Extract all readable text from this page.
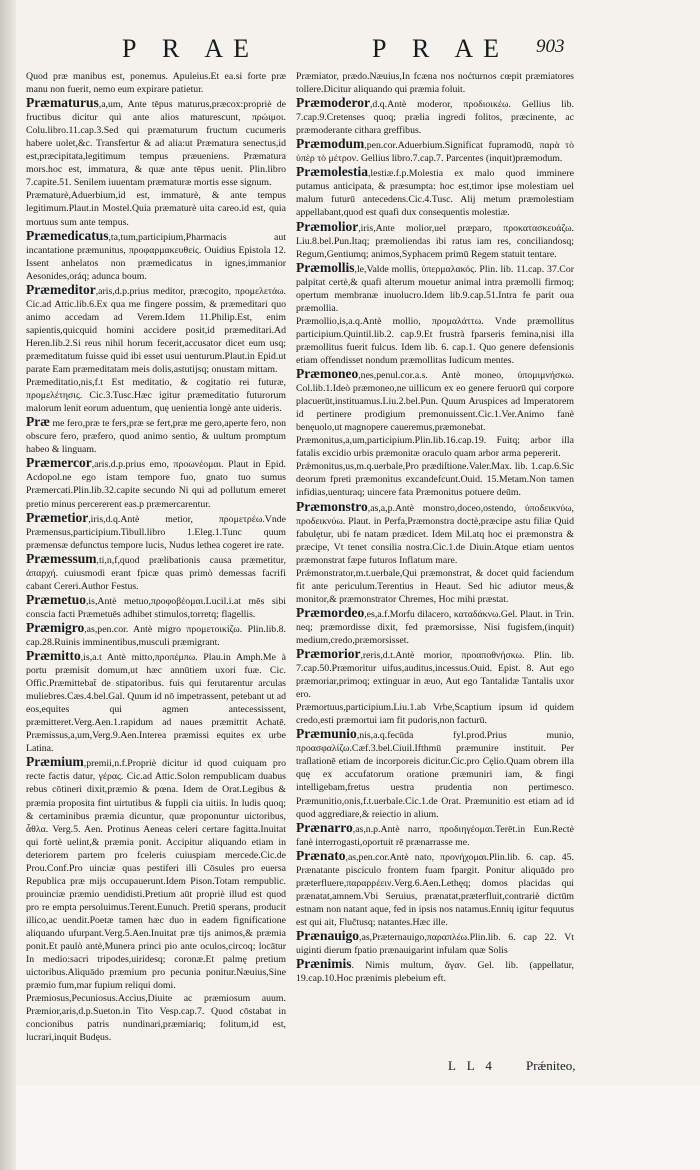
P R AE	P R AE 903

Quod præ manibus est, ponemus. Apuleius.Et ea.si forte præ manu non fuerit, nemo eum expirare patietur.

Præmaturus,a,um, Ante tēpus maturus,præcox:propriè de fructibus dicitur quì ante alios maturescunt, πρώιμοι. Colu.libro.11.cap.3.Sed qui præmaturum fructum cucumeris habere uolet,&c. Transfertur & ad alia:ut Præmatura senectus,id est,præcipitata,legitimum tempus præueniens. Præmatura mors.hoc est, immatura, & quæ ante tēpus uenit. Plin.libro 7.capite.51. Senilem iuuentam præmaturæ mortis esse signum.

Præmaturè,Aduerbium,id est, immaturè, & ante tempus legitimum.Plaut.in Mostel.Quia præmaturè uita careo.id est, quia mortuus sum ante tempus.

Præmedicatus,ta,tum,participium,Pharmacis aut incantatione præmunitus, προφαρμακευθείς. Ouidius Epistola 12. Issent anhelatos non præmedicatus in ignes,immanior Aesonides,oráq; adunca boum.

Præmeditor,aris,d.p.prius meditor, præcogito, προμελετάω. Cic.ad Attic.lib.6.Ex qua me fingere possim, & præmeditari quo animo accedam ad Verem.Idem 11.Philip.Est, enim sapientis,quicquid homini accidere posit,id præmeditari.Ad Heren.lib.2.Si reus nihil horum fecerit,accusator dicet eum usq; præmeditatum fuisse quid ibi esset usui uenturum.Plaut.in Epid.ut parate Eam præmeditatam meis dolis,astutijsq; onustam mittam.

Præmeditatio,nis,f.t Est meditatio, & cogitatio rei futuræ, προμελέτησις. Cic.3.Tusc.Hæc igitur præmeditatio futurorum malorum lenit eorum aduentum, quę uenientia longè ante uideris.

Præ me fero,præ te fers,præ se fert,præ me gero,aperte fero, non obscure fero, præfero, quod animo sentio, & uultum promptum habeo & linguam.

Præmercor,aris.d.p.prius emo, προωνέομαι. Plaut in Epid. Acdopol.ne ego istam tempore fuo, gnato tuo sumus Præmercati.Plin.lib.32.capite secundo Ni qui ad pollutum emeret pretio minus percererent eas.p præmercarentur.

Præmetior,iris,d.q.Antè metior, προμετρέω.Vnde Præmensus,participium.Tibull.libro 1.Eleg.1.Tunc quum præmensæ defunctus tempore lucis, Nudus lethea cogeret ire rate.

Præmessum,ti,n,f,quod prælibationis causa præmetitur, ἀπαρχή. cuiusmodi erant fpicæ quas primò demessas facrifi cabant Cereri.Author Festus.

Præmetuo,is,Antè metuo,προφοβέομαι.Lucil.i.at mēs sibi conscia facti Præmetuēs adhibet stimulos,torretq; flagellis.

Præmigro,as,pen.cor. Antè migro προμετοικίζω. Plin.lib.8. cap.28.Ruinis imminentibus,musculi præmigrant.

Præmitto,is,a.t Antè mitto,προπέμπω. Plau.in Amph.Me à portu præmisit domum,ut hæc annūtiem uxori fuæ. Cic. Offic.Præmittebat̄ de stipatoribus. fuis qui ferutarentur arculas muliebres.Cæs.4.bel.Gal. Quum id nō impetrassent, petebant ut ad eos,equites qui agmen antecessissent, præmitteret.Verg.Aen.1.rapidum ad naues præmittit Achatē. Præmissus,a,um,Verg.9.Aen.Interea præmissi equites ex urbe Latina.

Præmium,premii,n.f.Propriè dicitur id quod cuiquam pro recte factis datur, γέρας. Cic.ad Attic.Solon rempublicam duabus rebus cōtineri dixit,præmio & pœna. Idem de Orat.Legibus & præmia proposita fint uirtutibus & fuppli cia uitiis. In ludis quoq; & certaminibus præmia dicuntur, quæ proponuntur uictoribus, ἆθλα. Verg.5. Aen. Protinus Aeneas celeri certare fagitta.Inuitat qui fortè uelint,& præmia ponit. Accipitur aliquando etiam in deteriorem partem pro fceleris cuiuspiam mercede.Cic.de Prou.Conf.Pro uinciæ quas pestiferi illi Cōsules pro euersa Republica præ mijs occupauerunt.Idem Pison.Totam rempublic. prouinciæ præmio uendidisti.Pretium aūt propriè illud est quod pro re empta persoluimus.Terent.Eunuch. Pretiū sperans, producit illico,ac uendit.Poetæ tamen hæc duo in eadem fignificatione aliquando ufurpant.Verg.5.Aen.Inuitat præ tijs animos,& præmia ponit.Et paulò antè,Munera princi pio ante oculos,circoq; locātur In medio:sacri tripodes,uiridesq; coronæ.Et palmę pretium uictoribus.Aliquādo præmium pro pecunia ponitur.Næuius,Sine præmio fum,mar fupium reliqui domi.

Præmiosus,Pecuniosus.Accius,Diuite ac præmiosum auum. Præmior,aris,d.p.Sueton.in Tito Vesp.cap.7. Quod cōstabat in concionibus patris nundinari,præmiariq; folitum,id est, lucrari,inquit Budęus.

Præmiator, prædo.Næuius,In fcæna nos noćturnos cœpit præmiatores tollere.Dicitur aliquando qui præmia foluit.

Præmoderor,d.q.Antè moderor, προδιοικέω. Gellius lib. 7.cap.9.Cretenses quoq; prælia ingredi folitos, præcinente, ac præmoderante cithara greffibus.

Præmodum,pen.cor.Aduerbium.Significat fupramodū, παρὰ τὸ ὑπὲρ τὸ μέτρον. Gellius libro.7.cap.7. Parcentes (inquit)præmodum.

Præmolestia,lestiæ.f.p.Molestia ex malo quod imminere putamus anticipata, & præsumpta: hoc est,timor ipse molestiam uel malum futurū antecedens.Cic.4.Tusc. Alij metum præmolestiam appellabant,quod est quafi dux consequentis molestiæ.

Præmolior,iris,Ante molior,uel præparo, προκατασκευάζω. Liu.8.bel.Pun.Itaq; præmoliendas ibi ratus iam res, conciliandosq; Regum,Gentiumq; animos,Syphacem primū Regem statuit tentare.

Præmollis,le,Valde mollis, ὑπερμαλακός. Plin. lib. 11.cap. 37.Cor palpitat certè,& quafi alterum mouetur animal intra præmolli firmoq; opertum membranæ inuolucro.Idem lib.9.cap.51.Intra fe parit oua præmollia.

Præmollio,is,a.q.Antè mollio, προμαλάττω. Vnde præmollitus participium.Quintil.lib.2. cap.9.Et frustrà fparseris femina,nisi illa præmollitus fuerit fulcus. Idem lib. 6. cap.1. Quo genere defensionis etiam offendisset nondum præmollitas Iudicum mentes.

Præmoneo,nes,penul.cor.a.s. Antè moneo, ὑπομιμνήσκω. Col.lib.1.Ideò præmoneo,ne uillicum ex eo genere feruorū qui corpore placuerūt,instituamus.Liu.2.bel.Pun. Quum Aruspices ad Imperatorem id pertinere prodigium premonuissent.Cic.1.Ver.Animo fanè benęuolo,ut magnopere caueremus,præmonebat.

Præmonitus,a,um,participium.Plin.lib.16.cap.19. Fuitq; arbor illa fatalis excidio urbis præmonitæ oraculo quam arbor arma pepererit.

Prǽmonitus,us,m.q.uerbale,Pro prædiſtione.Valer.Max. lib. 1.cap.6.Sic deorum fpreti præmonitus excandefcunt.Ouid. 15.Metam.Non tamen infidias,uenturaq; uincere fata Præmonitus potuere deūm.

Præmonstro,as,a,p.Antè monstro,doceo,ostendo, ὑποδεικνύω, προδεικνύω. Plaut. in Perfa,Præmonstra doctè,præcipe astu filiæ Quid fabulętur, ubi fe natam prædicet. Idem Mil.atq hoc ei præmonstra & præcipe, Vt tenet consilia nostra.Cic.1.de Diuin.Atque etiam uentos præmonstrat fæpe futuros Inflatum mare.

Prǽmonstrator,m.t.uerbale,Qui præmonstrat, & docet quid faciendum fit ante periculum.Terentius in Heaut. Sed hic adiutor meus,& monitor,& præmonstrator Chremes, Hoc mihi præstat.

Præmordeo,es,a.f.Morfu dilacero, καταδάκνω.Gel. Plaut. in Trin. neq; præmordisse dixit, fed præmorsisse, Nisi fugisfem,(inquit) medium,credo,præmorsisset.

Præmorior,reris,d.t.Antè morior, προαποθνήσκω. Plin. lib. 7.cap.50.Præmoritur uifus,auditus,incessus.Ouid. Epist. 8. Aut ego præmoriar,primoq; extinguar in æuo, Aut ego Tantalidæ Tantalis uxor ero.

Præmortuus,participium.Liu.1.ab Vrbe,Scaptium ipsum id quidem credo,esti præmortui iam fit pudoris,non facturū.

Præmunio,nis,a.q.fecūda fyl.prod.Prius munio, προασφαλίζω.Cæf.3.bel.Ciuil.Ifthmū præmunire instituit. Per traſlationē etiam de incorporeis dicitur.Cic.pro Cęlio.Quam obrem illa quę ex accufatorum oratione præmuniri iam, & fingi intelligebam,fretus uestra prudentia non pertimesco. Præmunitio,onis,f.t.uerbale.Cic.1.de Orat. Præmunitio est etiam ad id quod aggrediare,& reiectio in alium.

Prænarro,as,n.p.Antè narro, προδιηγέομαι.Terēt.in Eun.Rectè fanè interrogasti,oportuit rē prænarrasse me.

Prænato,as,pen.cor.Antè nato, προνήχομαι.Plin.lib. 6. cap. 45. Prænatante pisciculo frontem fuam fpargit. Ponitur aliquādo pro præterfluere,παραρρέειν.Verg.6.Aen.Lethęq; domos placidas qui prænatat,amnem.Vbi Seruius, prænatat,præterfluit,contrariè dictūm estnam non natant aque, fed in ipsis nos natamus.Ennių igitur fequutus est qui ait, Flučtusq; natantes.Hæc ille.

Prænauigo,as,Præternauigo,παραπλέω.Plin.lib. 6. cap 22. Vt uiginti dierum fpatio prænauigarint infulam quæ Solis

Prænimis. Nimis multum, ἄγαν. Gel. lib. (appellatur, 19.cap.10.Hoc prænimis plebeium eft.

L L 4 Prǽniteo,
